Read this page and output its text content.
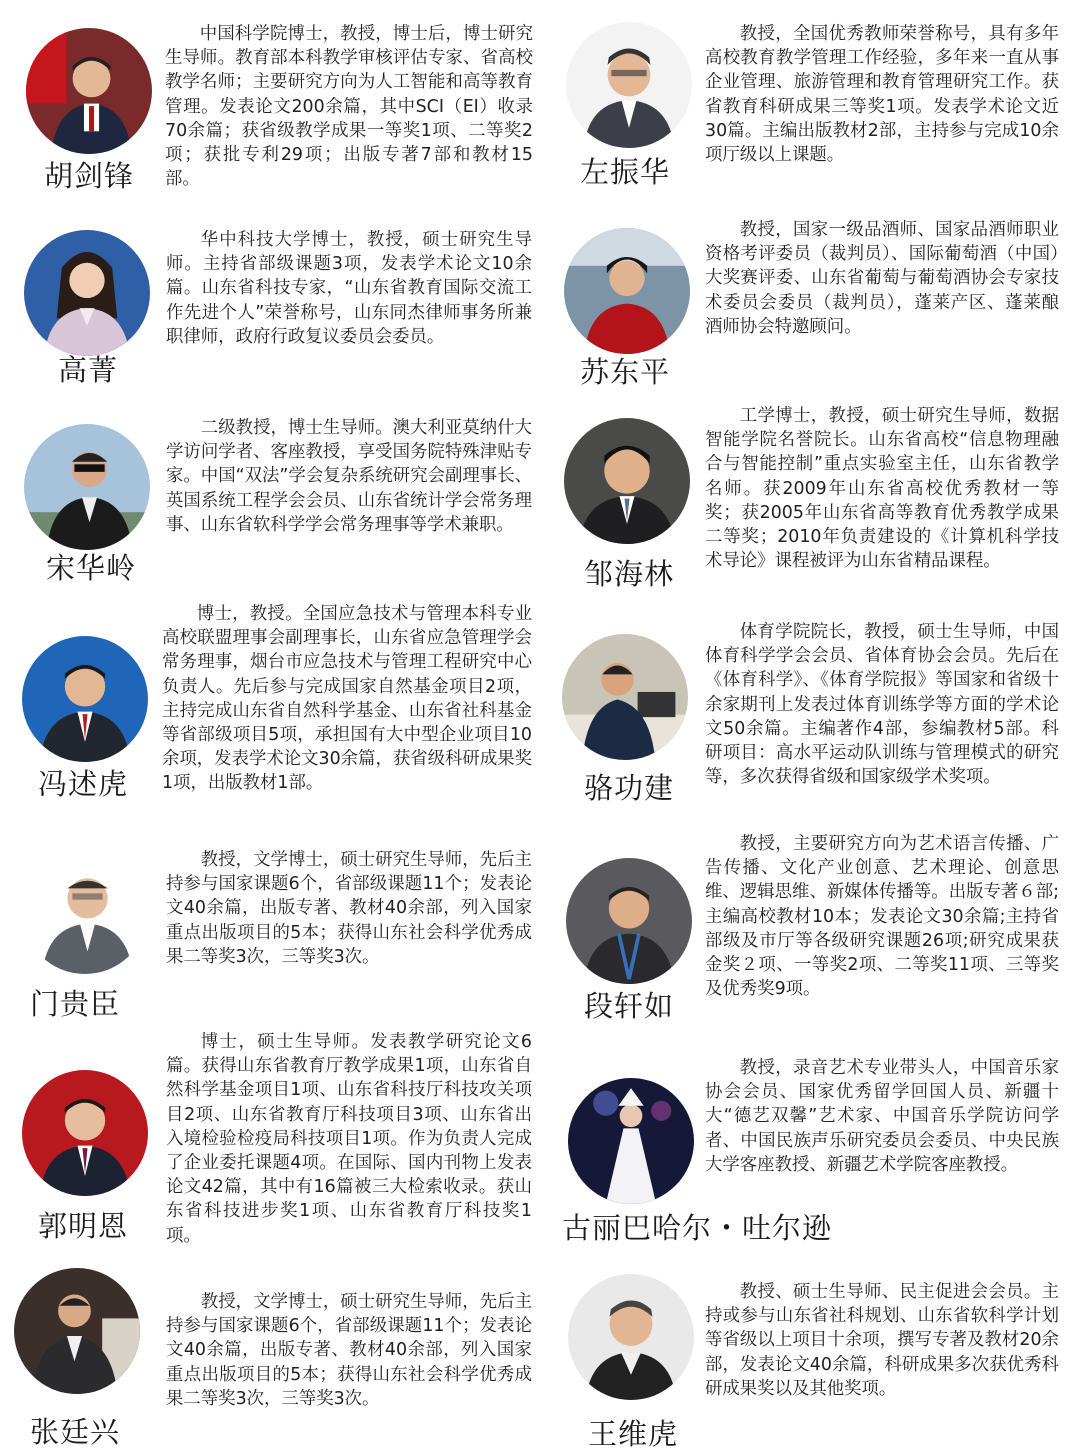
胡剑锋
中国科学院博士，教授，博士后，博士研究生导师。教育部本科教学审核评估专家、省高校教学名师；主要研究方向为人工智能和高等教育管理。发表论文200余篇，其中SCI（EI）收录70余篇；获省级教学成果一等奖1项、二等奖2项；获批专利29项；出版专著7部和教材15部。
高菁
华中科技大学博士，教授，硕士研究生导师。主持省部级课题3项，发表学术论文10余篇。山东省科技专家，“山东省教育国际交流工作先进个人”荣誉称号，山东同杰律师事务所兼职律师，政府行政复议委员会委员。
宋华岭
二级教授，博士生导师。澳大利亚莫纳什大学访问学者、客座教授，享受国务院特殊津贴专家。中国“双法”学会复杂系统研究会副理事长、英国系统工程学会会员、山东省统计学会常务理事、山东省软科学学会常务理事等学术兼职。
冯述虎
博士，教授。全国应急技术与管理本科专业高校联盟理事会副理事长，山东省应急管理学会常务理事，烟台市应急技术与管理工程研究中心负责人。先后参与完成国家自然基金项目2项，主持完成山东省自然科学基金、山东省社科基金等省部级项目5项，承担国有大中型企业项目10余项，发表学术论文30余篇，获省级科研成果奖1项，出版教材1部。
门贵臣
教授，文学博士，硕士研究生导师，先后主持参与国家课题6个，省部级课题11个；发表论文40余篇，出版专著、教材40余部，列入国家重点出版项目的5本；获得山东社会科学优秀成果二等奖3次，三等奖3次。
郭明恩
博士，硕士生导师。发表教学研究论文6篇。获得山东省教育厅教学成果1项，山东省自然科学基金项目1项、山东省科技厅科技攻关项目2项、山东省教育厅科技项目3项、山东省出入境检验检疫局科技项目1项。作为负责人完成了企业委托课题4项。在国际、国内刊物上发表论文42篇，其中有16篇被三大检索收录。获山东省科技进步奖1项、山东省教育厅科技奖1项。
张廷兴
教授，文学博士，硕士研究生导师，先后主持参与国家课题6个，省部级课题11个；发表论文40余篇，出版专著、教材40余部，列入国家重点出版项目的5本；获得山东社会科学优秀成果二等奖3次，三等奖3次。
左振华
教授，全国优秀教师荣誉称号，具有多年高校教育教学管理工作经验，多年来一直从事企业管理、旅游管理和教育管理研究工作。获省教育科研成果三等奖1项。发表学术论文近30篇。主编出版教材2部，主持参与完成10余项厅级以上课题。
苏东平
教授，国家一级品酒师、国家品酒师职业资格考评委员（裁判员）、国际葡萄酒（中国）大奖赛评委、山东省葡萄与葡萄酒协会专家技术委员会委员（裁判员），蓬莱产区、蓬莱酿酒师协会特邀顾问。
邹海林
工学博士，教授，硕士研究生导师，数据智能学院名誉院长。山东省高校“信息物理融合与智能控制”重点实验室主任，山东省教学名师。获2009年山东省高校优秀教材一等奖；获2005年山东省高等教育优秀教学成果二等奖；2010年负责建设的《计算机科学技术导论》课程被评为山东省精品课程。
骆功建
体育学院院长，教授，硕士生导师，中国体育科学学会会员、省体育协会会员。先后在《体育科学》、《体育学院报》等国家和省级十余家期刊上发表过体育训练学等方面的学术论文50余篇。主编著作4部，参编教材5部。科研项目：高水平运动队训练与管理模式的研究等，多次获得省级和国家级学术奖项。
段轩如
教授，主要研究方向为艺术语言传播、广告传播、文化产业创意、艺术理论、创意思维、逻辑思维、新媒体传播等。出版专著６部;主编高校教材10本；发表论文30余篇;主持省部级及市厅等各级研究课题26项;研究成果获金奖２项、一等奖2项、二等奖11项、三等奖及优秀奖9项。
古丽巴哈尔・吐尔逊
教授，录音艺术专业带头人，中国音乐家协会会员、国家优秀留学回国人员、新疆十大“德艺双馨”艺术家、中国音乐学院访问学者、中国民族声乐研究委员会委员、中央民族大学客座教授、新疆艺术学院客座教授。
王维虎
教授、硕士生导师、民主促进会会员。主持或参与山东省社科规划、山东省软科学计划等省级以上项目十余项，撰写专著及教材20余部，发表论文40余篇，科研成果多次获优秀科研成果奖以及其他奖项。
